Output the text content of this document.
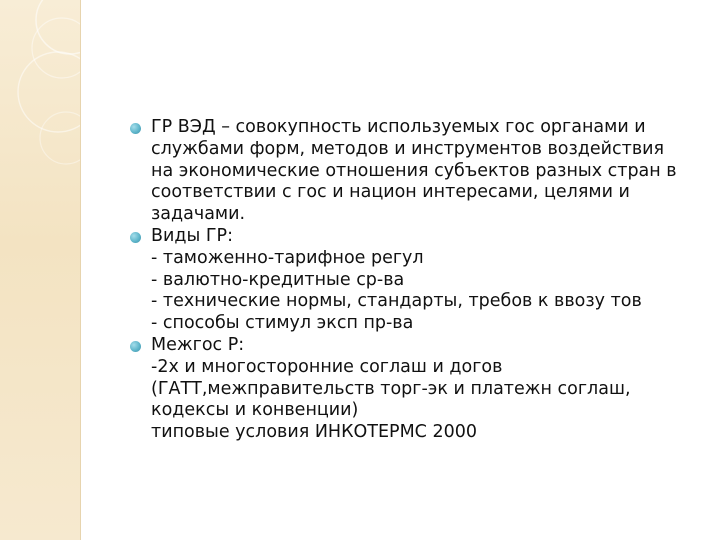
ГР ВЭД – совокупность используемых гос органами и
службами форм, методов и инструментов воздействия
на экономические отношения субъектов разных стран в
соответствии с гос и национ интересами, целями и
задачами.
Виды ГР:
- таможенно-тарифное регул
- валютно-кредитные ср-ва
- технические нормы, стандарты, требов к ввозу тов
- способы стимул эксп пр-ва
Межгос Р:
-2х и многосторонние соглаш и догов
(ГАТТ,межправительств торг-эк и платежн соглаш,
кодексы и конвенции)
типовые условия ИНКОТЕРМС 2000
